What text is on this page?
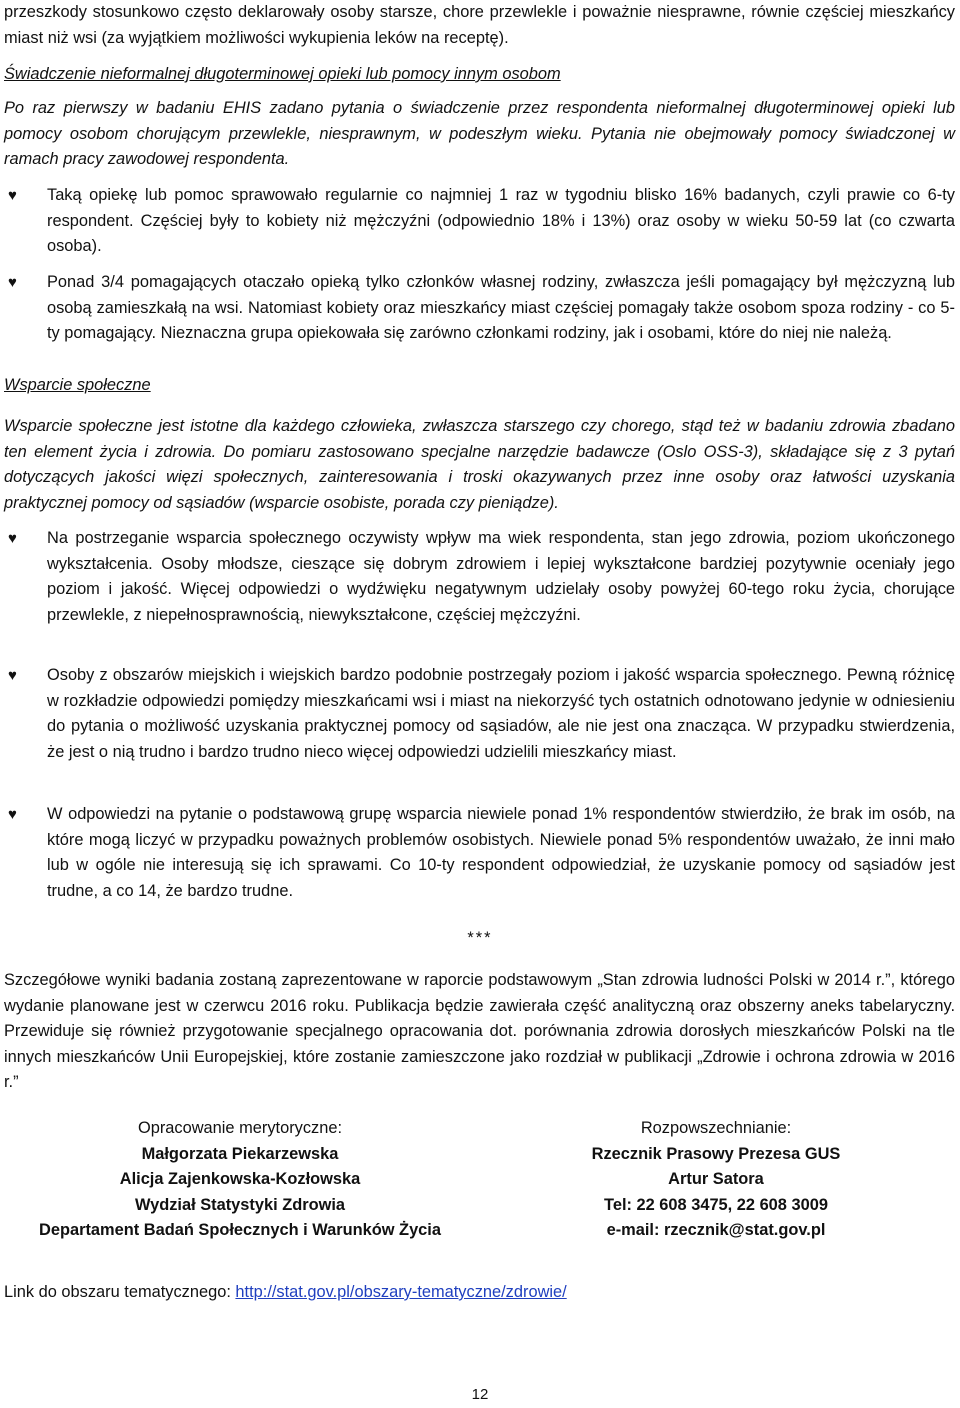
przeszkody stosunkowo często deklarowały osoby starsze, chore przewlekle i poważnie niesprawne, równie częściej mieszkańcy miast niż wsi (za wyjątkiem możliwości wykupienia leków na receptę).

Świadczenie nieformalnej długoterminowej opieki lub pomocy innym osobom

Po raz pierwszy w badaniu EHIS zadano pytania o świadczenie przez respondenta nieformalnej długoterminowej opieki lub pomocy osobom chorującym przewlekle, niesprawnym, w podeszłym wieku. Pytania nie obejmowały pomocy świadczonej w ramach pracy zawodowej respondenta.

♥ Taką opiekę lub pomoc sprawowało regularnie co najmniej 1 raz w tygodniu blisko 16% badanych, czyli prawie co 6-ty respondent. Częściej były to kobiety niż mężczyźni (odpowiednio 18% i 13%) oraz osoby w wieku 50-59 lat (co czwarta osoba).

♥ Ponad 3/4 pomagających otaczało opieką tylko członków własnej rodziny, zwłaszcza jeśli pomagający był mężczyzną lub osobą zamieszkałą na wsi. Natomiast kobiety oraz mieszkańcy miast częściej pomagały także osobom spoza rodziny - co 5-ty pomagający. Nieznaczna grupa opiekowała się zarówno członkami rodziny, jak i osobami, które do niej nie należą.

Wsparcie społeczne

Wsparcie społeczne jest istotne dla każdego człowieka, zwłaszcza starszego czy chorego, stąd też w badaniu zdrowia zbadano ten element życia i zdrowia. Do pomiaru zastosowano specjalne narzędzie badawcze (Oslo OSS-3), składające się z 3 pytań dotyczących jakości więzi społecznych, zainteresowania i troski okazywanych przez inne osoby oraz łatwości uzyskania praktycznej pomocy od sąsiadów (wsparcie osobiste, porada czy pieniądze).

♥ Na postrzeganie wsparcia społecznego oczywisty wpływ ma wiek respondenta, stan jego zdrowia, poziom ukończonego wykształcenia. Osoby młodsze, cieszące się dobrym zdrowiem i lepiej wykształcone bardziej pozytywnie oceniały jego poziom i jakość. Więcej odpowiedzi o wydźwięku negatywnym udzielały osoby powyżej 60-tego roku życia, chorujące przewlekle, z niepełnosprawnością, niewykształcone, częściej mężczyźni.

♥ Osoby z obszarów miejskich i wiejskich bardzo podobnie postrzegały poziom i jakość wsparcia społecznego. Pewną różnicę w rozkładzie odpowiedzi pomiędzy mieszkańcami wsi i miast na niekorzyść tych ostatnich odnotowano jedynie w odniesieniu do pytania o możliwość uzyskania praktycznej pomocy od sąsiadów, ale nie jest ona znacząca. W przypadku stwierdzenia, że jest o nią trudno i bardzo trudno nieco więcej odpowiedzi udzielili mieszkańcy miast.

♥ W odpowiedzi na pytanie o podstawową grupę wsparcia niewiele ponad 1% respondentów stwierdziło, że brak im osób, na które mogą liczyć w przypadku poważnych problemów osobistych. Niewiele ponad 5% respondentów uważało, że inni mało lub w ogóle nie interesują się ich sprawami. Co 10-ty respondent odpowiedział, że uzyskanie pomocy od sąsiadów jest trudne, a co 14, że bardzo trudne.

***

Szczegółowe wyniki badania zostaną zaprezentowane w raporcie podstawowym „Stan zdrowia ludności Polski w 2014 r.”, którego wydanie planowane jest w czerwcu 2016 roku. Publikacja będzie zawierała część analityczną oraz obszerny aneks tabelaryczny. Przewiduje się również przygotowanie specjalnego opracowania dot. porównania zdrowia dorosłych mieszkańców Polski na tle innych mieszkańców Unii Europejskiej, które zostanie zamieszczone jako rozdział w publikacji „Zdrowie i ochrona zdrowia w 2016 r.”

Opracowanie merytoryczne:
Małgorzata Piekarzewska
Alicja Zajenkowska-Kozłowska
Wydział Statystyki Zdrowia
Departament Badań Społecznych i Warunków Życia
Rozpowszechnianie:
Rzecznik Prasowy Prezesa GUS
Artur Satora
Tel: 22 608 3475, 22 608 3009
e-mail: rzecznik@stat.gov.pl

Link do obszaru tematycznego: http://stat.gov.pl/obszary-tematyczne/zdrowie/

12
